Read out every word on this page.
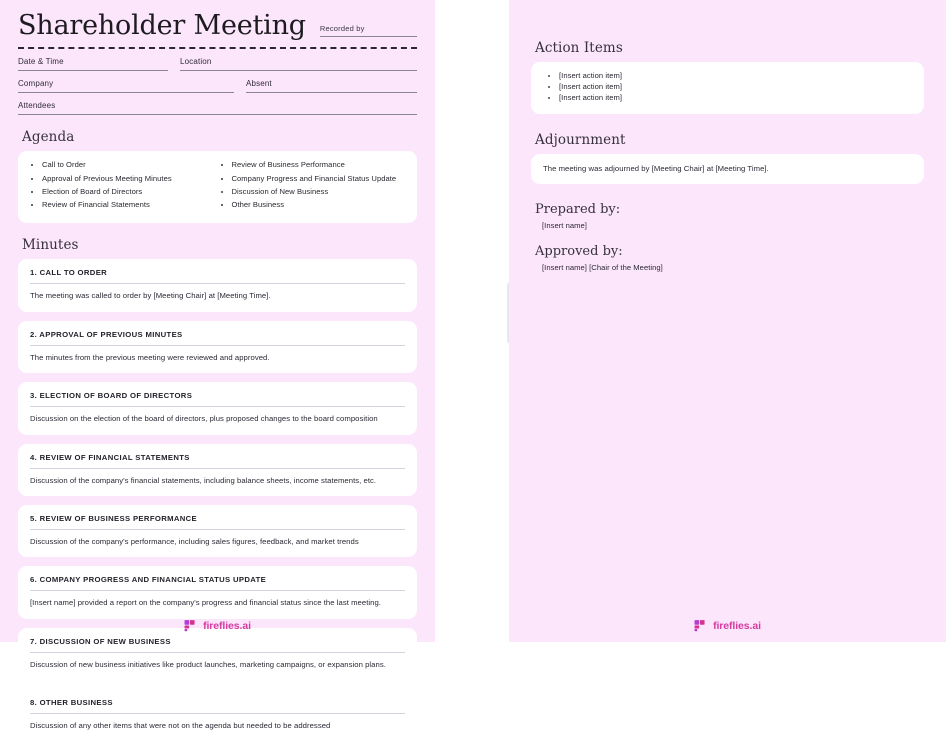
Shareholder Meeting Recorded by
Date & Time	Location
Company	Absent
Attendees
Agenda
• Call to Order
• Approval of Previous Meeting Minutes
• Election of Board of Directors
• Review of Financial Statements
• Review of Business Performance
• Company Progress and Financial Status Update
• Discussion of New Business
• Other Business
Minutes
1. CALL TO ORDER
The meeting was called to order by [Meeting Chair] at [Meeting Time].
2. APPROVAL OF PREVIOUS MINUTES
The minutes from the previous meeting were reviewed and approved.
3. ELECTION OF BOARD OF DIRECTORS
Discussion on the election of the board of directors, plus proposed changes to the board composition
4. REVIEW OF FINANCIAL STATEMENTS
Discussion of the company's financial statements, including balance sheets, income statements, etc.
5. REVIEW OF BUSINESS PERFORMANCE
Discussion of the company's performance, including sales figures, feedback, and market trends
6. COMPANY PROGRESS AND FINANCIAL STATUS UPDATE
[Insert name] provided a report on the company's progress and financial status since the last meeting.
7. DISCUSSION OF NEW BUSINESS
Discussion of new business initiatives like product launches, marketing campaigns, or expansion plans.
8. OTHER BUSINESS
Discussion of any other items that were not on the agenda but needed to be addressed
fireflies.ai
Action Items
• [Insert action item]
• [Insert action item]
• [Insert action item]
Adjournment
The meeting was adjourned by [Meeting Chair] at [Meeting Time].
Prepared by:
[Insert name]
Approved by:
[Insert name] [Chair of the Meeting]
fireflies.ai
